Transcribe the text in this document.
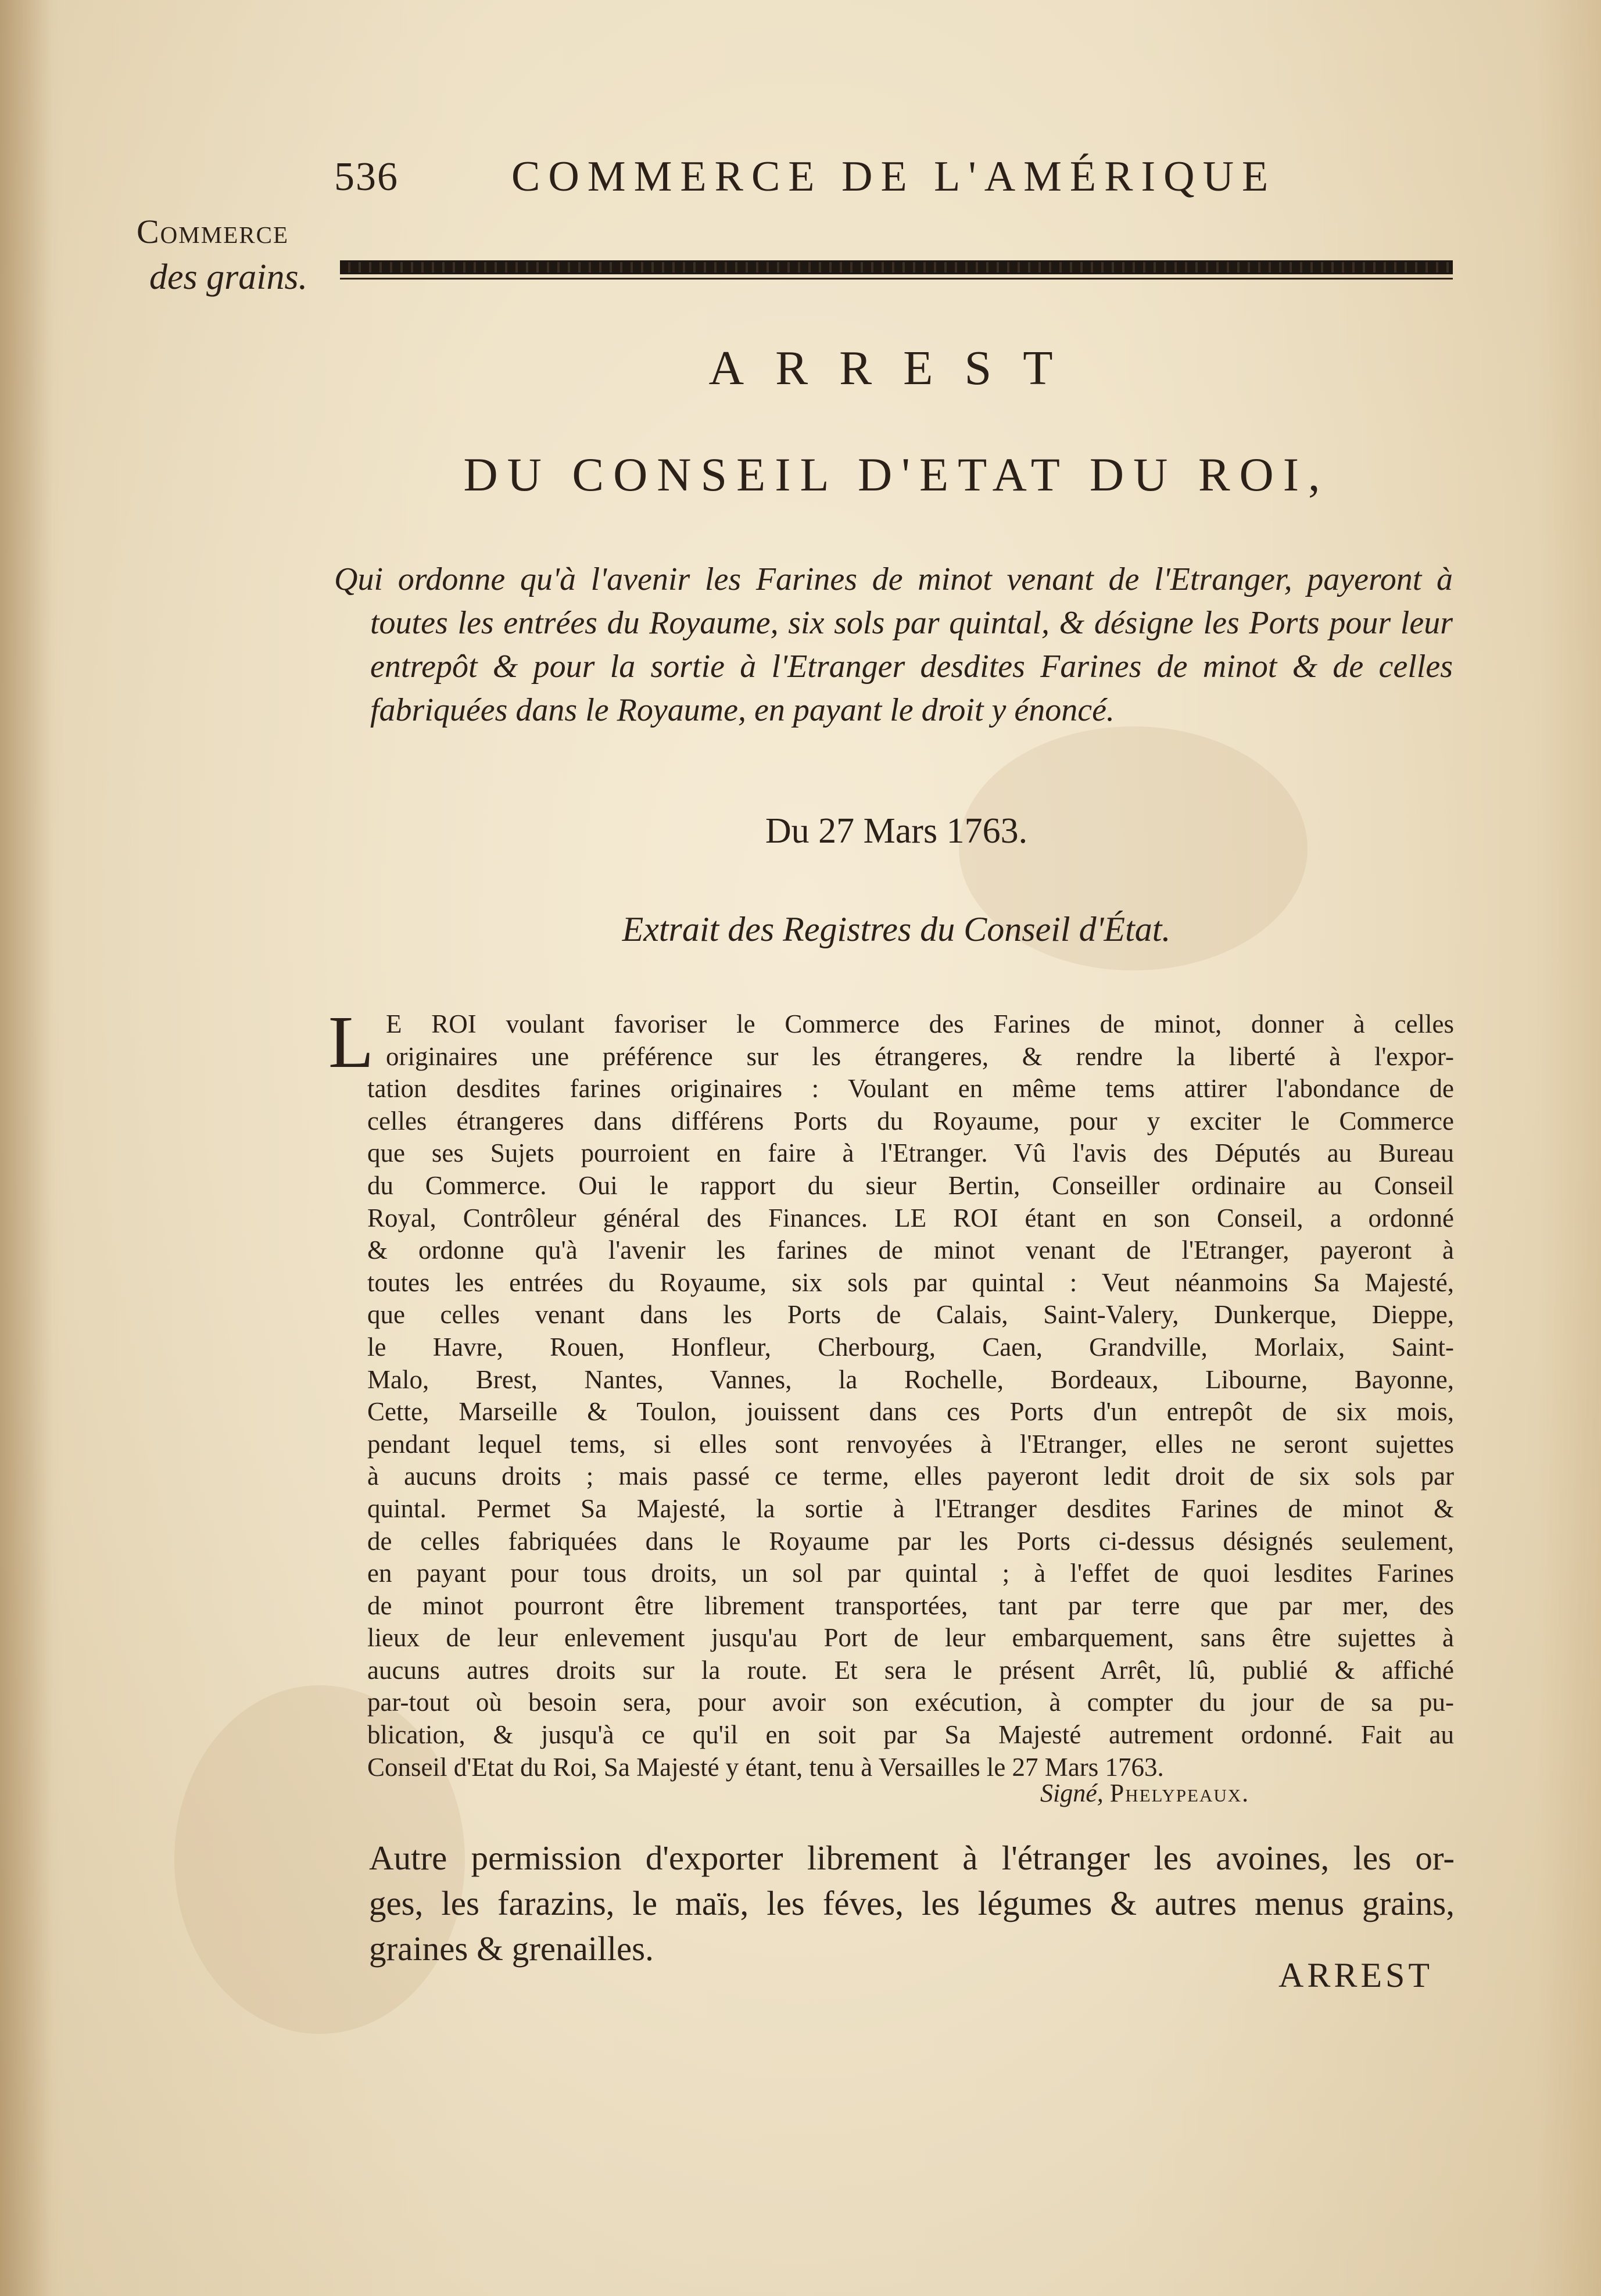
536	COMMERCE DE L'AMÉRIQUE
Commerce
des grains.
ARREST
DU CONSEIL D'ETAT DU ROI,

Qui ordonne qu'à l'avenir les Farines de minot venant de l'Etranger, payeront à toutes les entrées du Royaume, six sols par quintal, & désigne les Ports pour leur entrepôt & pour la sortie à l'Etranger desdites Farines de minot & de celles fabriquées dans le Royaume, en payant le droit y énoncé.

Du 27 Mars 1763.
Extrait des Registres du Conseil d'État.
L E ROI voulant favoriser le Commerce des Farines de minot, donner à celles
originaires une préférence sur les étrangeres, & rendre la liberté à l'expor-
tation desdites farines originaires : Voulant en même tems attirer l'abondance de
celles étrangeres dans différens Ports du Royaume, pour y exciter le Commerce
que ses Sujets pourroient en faire à l'Etranger. Vû l'avis des Députés au Bureau
du Commerce. Oui le rapport du sieur Bertin, Conseiller ordinaire au Conseil
Royal, Contrôleur général des Finances. LE ROI étant en son Conseil, a ordonné
& ordonne qu'à l'avenir les farines de minot venant de l'Etranger, payeront à
toutes les entrées du Royaume, six sols par quintal : Veut néanmoins Sa Majesté,
que celles venant dans les Ports de Calais, Saint-Valery, Dunkerque, Dieppe,
le Havre, Rouen, Honfleur, Cherbourg, Caen, Grandville, Morlaix, Saint-
Malo, Brest, Nantes, Vannes, la Rochelle, Bordeaux, Libourne, Bayonne,
Cette, Marseille & Toulon, jouissent dans ces Ports d'un entrepôt de six mois,
pendant lequel tems, si elles sont renvoyées à l'Etranger, elles ne seront sujettes
à aucuns droits ; mais passé ce terme, elles payeront ledit droit de six sols par
quintal. Permet Sa Majesté, la sortie à l'Etranger desdites Farines de minot &
de celles fabriquées dans le Royaume par les Ports ci-dessus désignés seulement,
en payant pour tous droits, un sol par quintal ; à l'effet de quoi lesdites Farines
de minot pourront être librement transportées, tant par terre que par mer, des
lieux de leur enlevement jusqu'au Port de leur embarquement, sans être sujettes à
aucuns autres droits sur la route. Et sera le présent Arrêt, lû, publié & affiché
par-tout où besoin sera, pour avoir son exécution, à compter du jour de sa pu-
blication, & jusqu'à ce qu'il en soit par Sa Majesté autrement ordonné. Fait au
Conseil d'Etat du Roi, Sa Majesté y étant, tenu à Versailles le 27 Mars 1763.
Signé, Phelypeaux.
Autre permission d'exporter librement à l'étranger les avoines, les or-
ges, les farazins, le maïs, les féves, les légumes & autres menus grains,
graines & grenailles.
ARREST
